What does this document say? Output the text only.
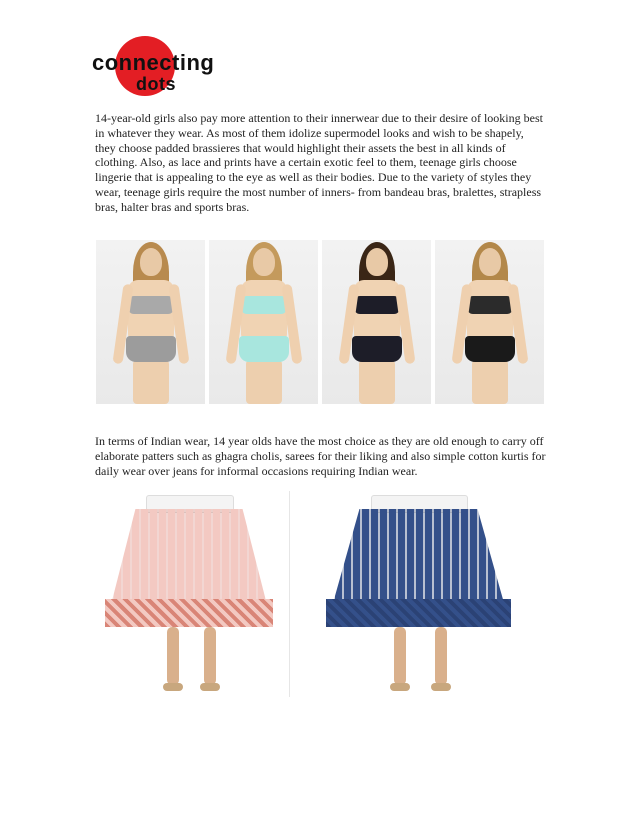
connecting
dots

14-year-old girls also pay more attention to their innerwear due to their desire of looking best in whatever they wear. As most of them idolize supermodel looks and wish to be shapely, they choose padded brassieres that would highlight their assets the best in all kinds of clothing. Also, as lace and prints have a certain exotic feel to them, teenage girls choose lingerie that is appealing to the eye as well as their bodies. Due to the variety of styles they wear, teenage girls require the most number of inners- from bandeau bras, bralettes, strapless bras, halter bras and sports bras.

In terms of Indian wear, 14 year olds have the most choice as they are old enough to carry off elaborate patters such as ghagra cholis, sarees for their liking and also simple cotton kurtis for daily wear over jeans for informal occasions requiring Indian wear.
